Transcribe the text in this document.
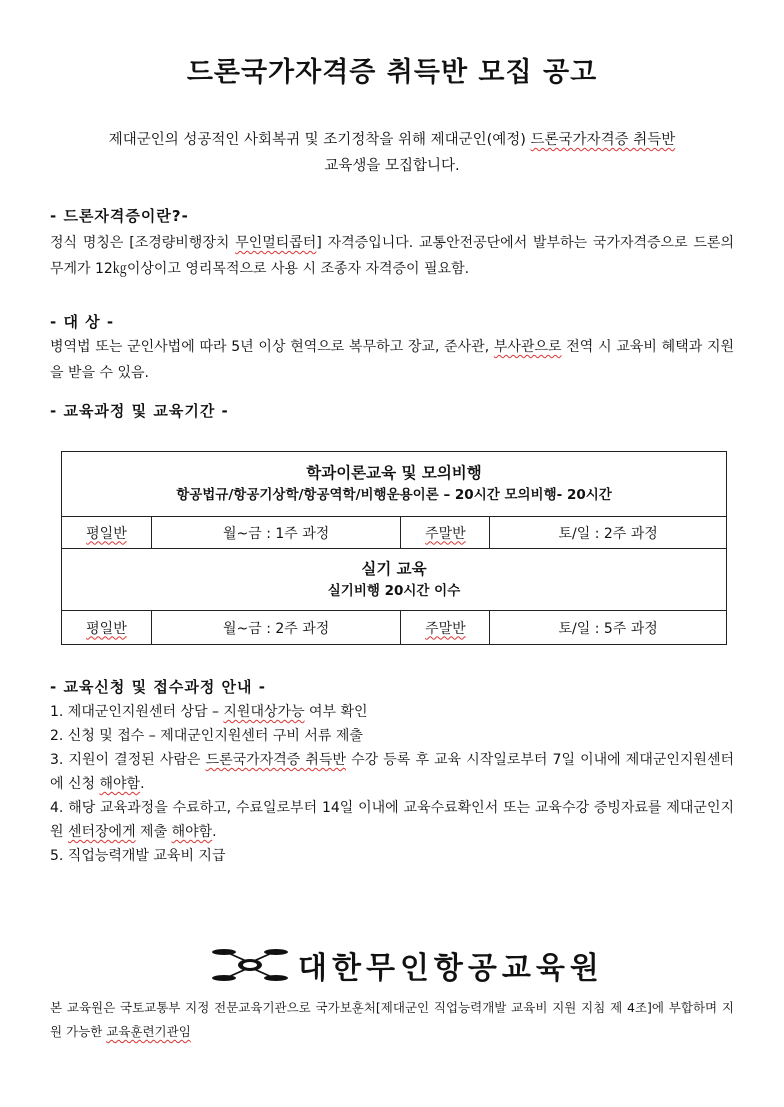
드론국가자격증 취득반 모집 공고
제대군인의 성공적인 사회복귀 및 조기정착을 위해 제대군인(예정) 드론국가자격증 취득반
교육생을 모집합니다.
- 드론자격증이란?-
정식 명칭은 [조경량비행장치 무인멀티콥터] 자격증입니다. 교통안전공단에서 발부하는 국가자격증으로 드론의 무게가 12㎏이상이고 영리목적으로 사용 시 조종자 자격증이 필요함.
- 대 상 -
병역법 또는 군인사법에 따라 5년 이상 현역으로 복무하고 장교, 준사관, 부사관으로 전역 시 교육비 혜택과 지원을 받을 수 있음.
- 교육과정 및 교육기간 -
학과이론교육 및 모의비행
항공법규/항공기상학/항공역학/비행운용이론 – 20시간 모의비행- 20시간			

평일반	월~금 : 1주 과정	주말반	토/일 : 2주 과정

실기 교육
실기비행 20시간 이수			

평일반	월~금 : 2주 과정	주말반	토/일 : 5주 과정
- 교육신청 및 접수과정 안내 -
1. 제대군인지원센터 상담 – 지원대상가능 여부 확인
2. 신청 및 접수 – 제대군인지원센터 구비 서류 제출
3. 지원이 결정된 사람은 드론국가자격증 취득반 수강 등록 후 교육 시작일로부터 7일 이내에 제대군인지원센터에 신청 해야함.
4. 해당 교육과정을 수료하고, 수료일로부터 14일 이내에 교육수료확인서 또는 교육수강 증빙자료를 제대군인지원 센터장에게 제출 해야함.
5. 직업능력개발 교육비 지급
대한무인항공교육원
본 교육원은 국토교통부 지정 전문교육기관으로 국가보훈처[제대군인 직업능력개발 교육비 지원 지침 제 4조]에 부합하며 지원 가능한 교육훈련기관임
